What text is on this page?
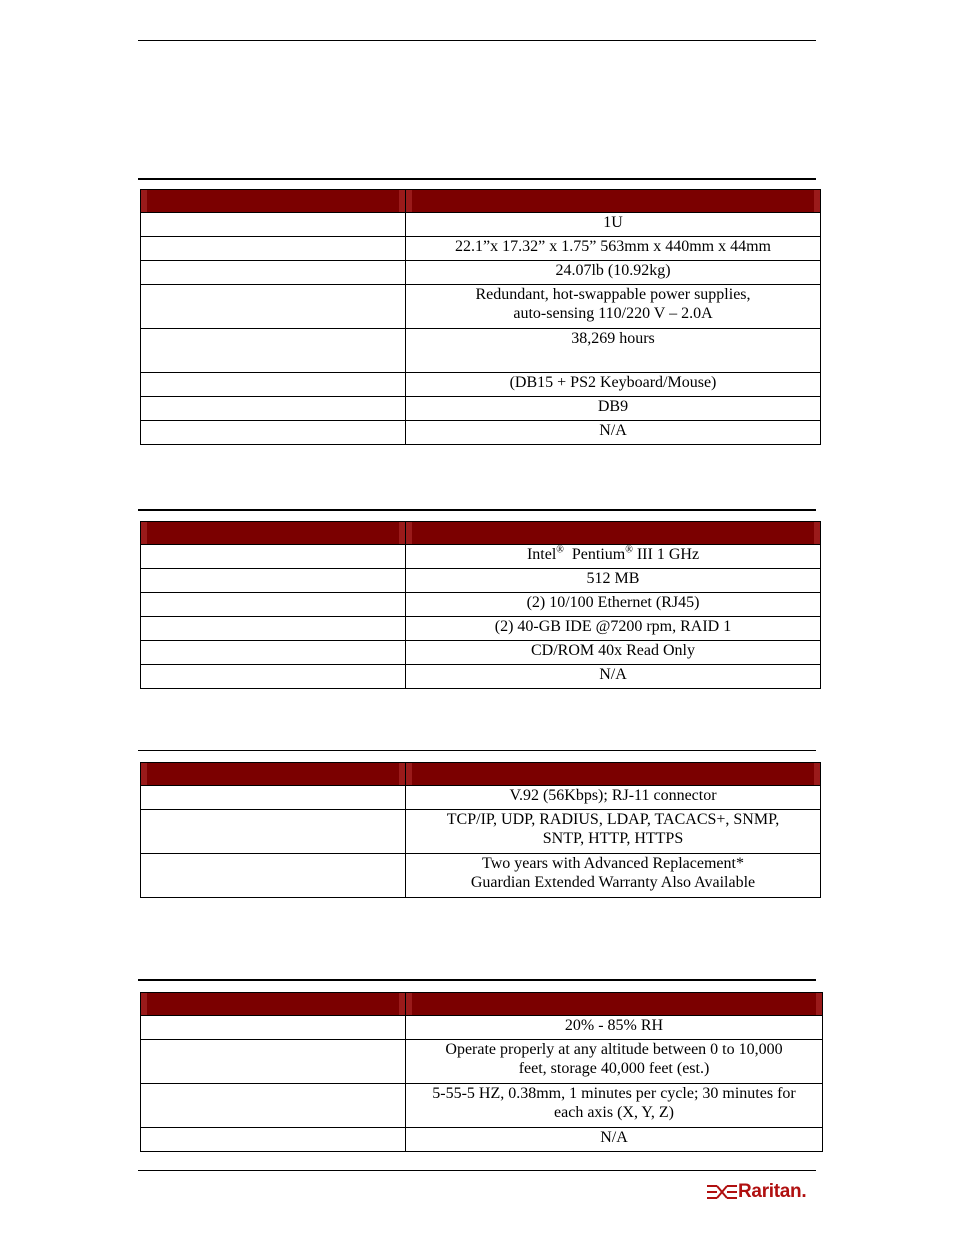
	1U
	22.1”x 17.32” x 1.75” 563mm x 440mm x 44mm
	24.07lb (10.92kg)

	Redundant, hot-swappable power supplies,
auto-sensing 110/220 V – 2.0A

	38,269 hours
	(DB15 + PS2 Keyboard/Mouse)
	DB9
	N/A

	Intel® Pentium® III 1 GHz
	512 MB
	(2) 10/100 Ethernet (RJ45)
	(2) 40-GB IDE @7200 rpm, RAID 1
	CD/ROM 40x Read Only
	N/A

	V.92 (56Kbps); RJ-11 connector

	TCP/IP, UDP, RADIUS, LDAP, TACACS+, SNMP,
SNTP, HTTP, HTTPS

	Two years with Advanced Replacement*
Guardian Extended Warranty Also Available

	20% - 85% RH

	Operate properly at any altitude between 0 to 10,000
feet, storage 40,000 feet (est.)

	5-55-5 HZ, 0.38mm, 1 minutes per cycle; 30 minutes for
each axis (X, Y, Z)

	N/A
Raritan.
